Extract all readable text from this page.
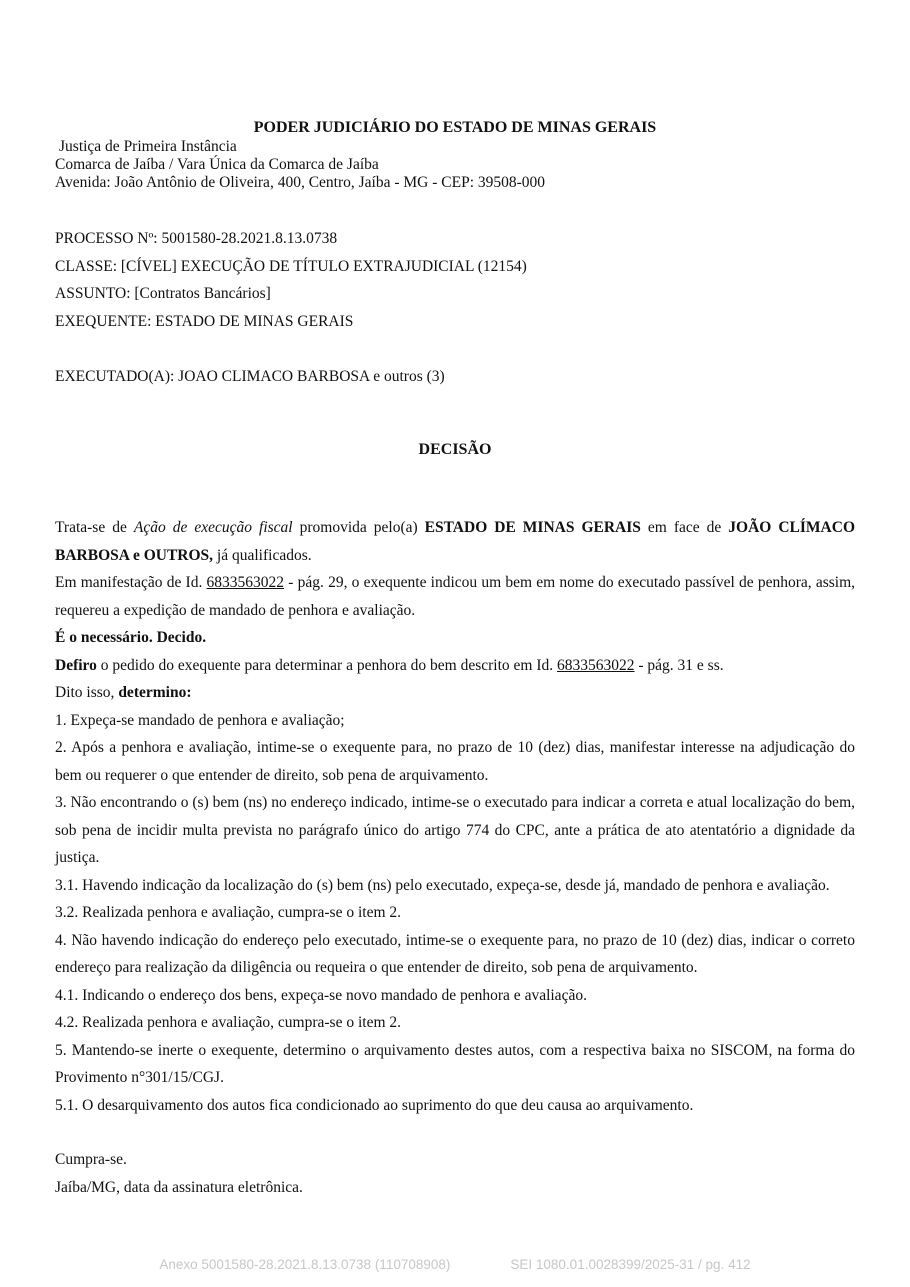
PODER JUDICIÁRIO DO ESTADO DE MINAS GERAIS
Justiça de Primeira Instância
Comarca de Jaíba / Vara Única da Comarca de Jaíba
Avenida: João Antônio de Oliveira, 400, Centro, Jaíba - MG - CEP: 39508-000
PROCESSO Nº: 5001580-28.2021.8.13.0738
CLASSE: [CÍVEL] EXECUÇÃO DE TÍTULO EXTRAJUDICIAL (12154)
ASSUNTO: [Contratos Bancários]
EXEQUENTE: ESTADO DE MINAS GERAIS
EXECUTADO(A): JOAO CLIMACO BARBOSA e outros (3)
DECISÃO

Trata-se de Ação de execução fiscal promovida pelo(a) ESTADO DE MINAS GERAIS em face de JOÃO CLÍMACO BARBOSA e OUTROS, já qualificados.

Em manifestação de Id. 6833563022 - pág. 29, o exequente indicou um bem em nome do executado passível de penhora, assim, requereu a expedição de mandado de penhora e avaliação.

É o necessário. Decido.

Defiro o pedido do exequente para determinar a penhora do bem descrito em Id. 6833563022 - pág. 31 e ss.

Dito isso, determino:

1. Expeça-se mandado de penhora e avaliação;

2. Após a penhora e avaliação, intime-se o exequente para, no prazo de 10 (dez) dias, manifestar interesse na adjudicação do bem ou requerer o que entender de direito, sob pena de arquivamento.

3. Não encontrando o (s) bem (ns) no endereço indicado, intime-se o executado para indicar a correta e atual localização do bem, sob pena de incidir multa prevista no parágrafo único do artigo 774 do CPC, ante a prática de ato atentatório a dignidade da justiça.

3.1. Havendo indicação da localização do (s) bem (ns) pelo executado, expeça-se, desde já, mandado de penhora e avaliação.

3.2. Realizada penhora e avaliação, cumpra-se o item 2.

4. Não havendo indicação do endereço pelo executado, intime-se o exequente para, no prazo de 10 (dez) dias, indicar o correto endereço para realização da diligência ou requeira o que entender de direito, sob pena de arquivamento.

4.1. Indicando o endereço dos bens, expeça-se novo mandado de penhora e avaliação.

4.2. Realizada penhora e avaliação, cumpra-se o item 2.

5. Mantendo-se inerte o exequente, determino o arquivamento destes autos, com a respectiva baixa no SISCOM, na forma do Provimento n°301/15/CGJ.

5.1. O desarquivamento dos autos fica condicionado ao suprimento do que deu causa ao arquivamento.

Cumpra-se.
Jaíba/MG, data da assinatura eletrônica.
Anexo 5001580-28.2021.8.13.0738 (110708908)	SEI 1080.01.0028399/2025-31 / pg. 412
